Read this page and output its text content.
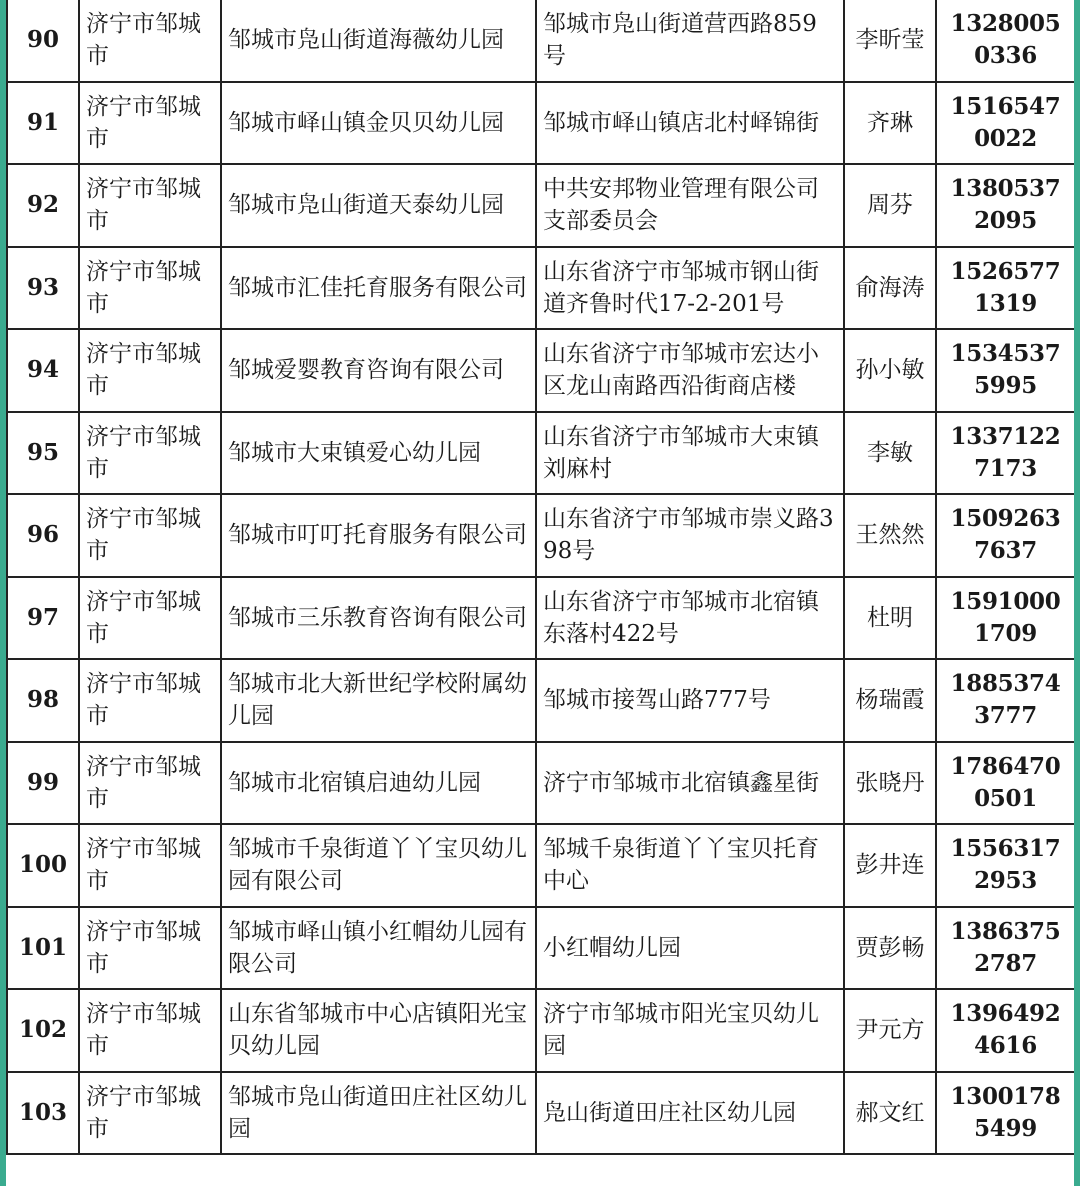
90	济宁市邹城市	邹城市凫山街道海薇幼儿园	邹城市凫山街道营西路859号	李昕莹	13280050336
91	济宁市邹城市	邹城市峄山镇金贝贝幼儿园	邹城市峄山镇店北村峄锦街	齐琳	15165470022
92	济宁市邹城市	邹城市凫山街道天泰幼儿园	中共安邦物业管理有限公司支部委员会	周芬	13805372095
93	济宁市邹城市	邹城市汇佳托育服务有限公司	山东省济宁市邹城市钢山街道齐鲁时代17-2-201号	俞海涛	15265771319
94	济宁市邹城市	邹城爱婴教育咨询有限公司	山东省济宁市邹城市宏达小区龙山南路西沿街商店楼	孙小敏	15345375995
95	济宁市邹城市	邹城市大束镇爱心幼儿园	山东省济宁市邹城市大束镇刘麻村	李敏	13371227173
96	济宁市邹城市	邹城市叮叮托育服务有限公司	山东省济宁市邹城市崇义路398号	王然然	15092637637
97	济宁市邹城市	邹城市三乐教育咨询有限公司	山东省济宁市邹城市北宿镇东落村422号	杜明	15910001709
98	济宁市邹城市	邹城市北大新世纪学校附属幼儿园	邹城市接驾山路777号	杨瑞霞	18853743777
99	济宁市邹城市	邹城市北宿镇启迪幼儿园	济宁市邹城市北宿镇鑫星街	张晓丹	17864700501
100	济宁市邹城市	邹城市千泉街道丫丫宝贝幼儿园有限公司	邹城千泉街道丫丫宝贝托育中心	彭井连	15563172953
101	济宁市邹城市	邹城市峄山镇小红帽幼儿园有限公司	小红帽幼儿园	贾彭畅	13863752787
102	济宁市邹城市	山东省邹城市中心店镇阳光宝贝幼儿园	济宁市邹城市阳光宝贝幼儿园	尹元方	13964924616
103	济宁市邹城市	邹城市凫山街道田庄社区幼儿园	凫山街道田庄社区幼儿园	郝文红	13001785499
